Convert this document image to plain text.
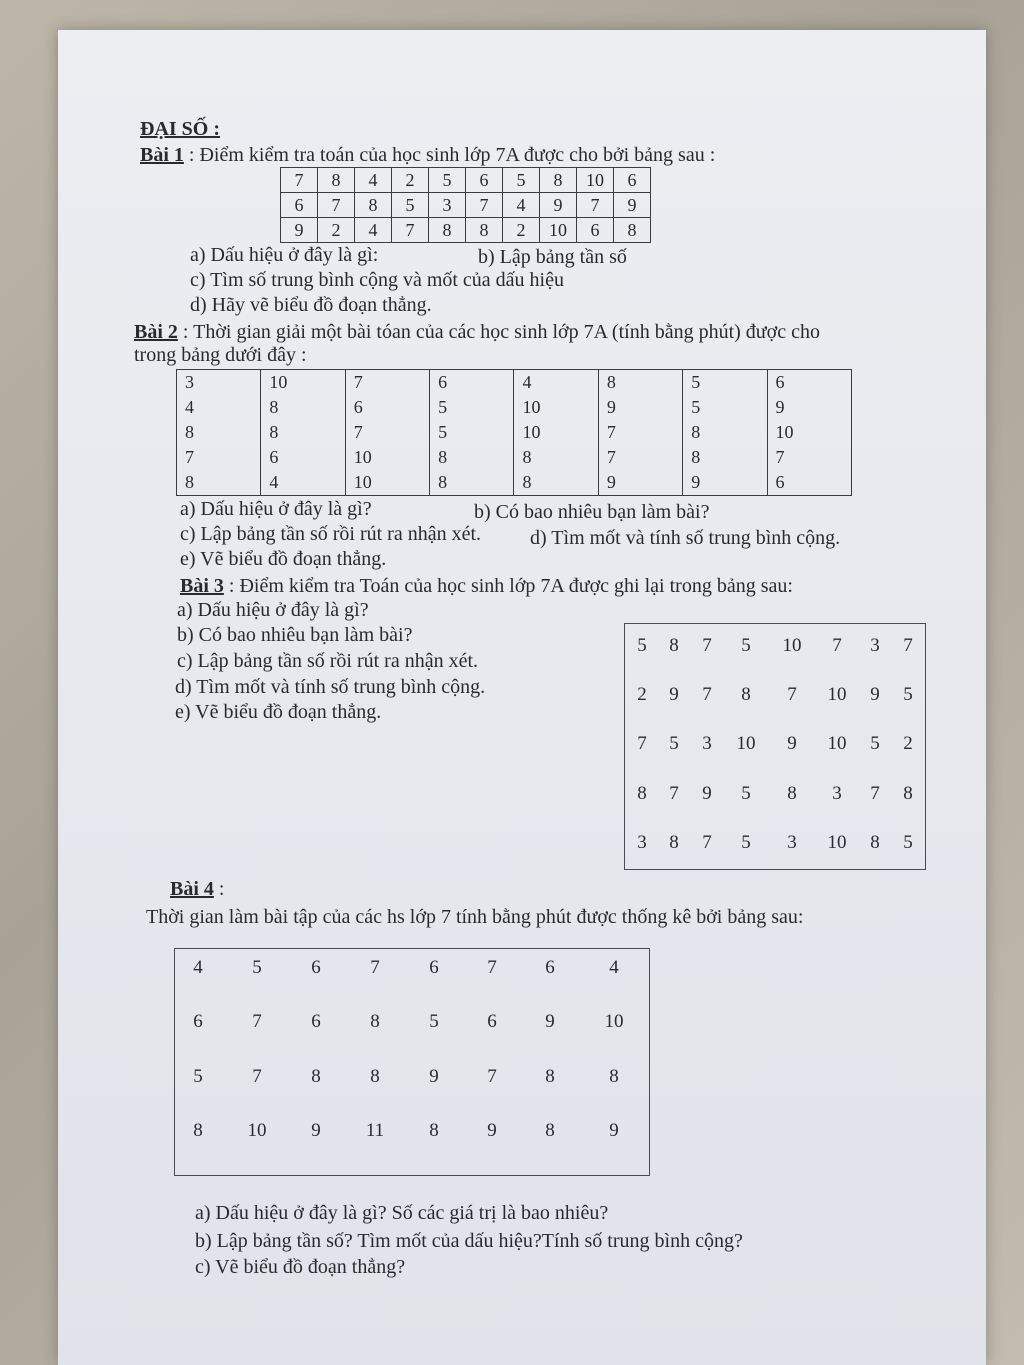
ĐẠI SỐ :
Bài 1 : Điểm kiểm tra toán của học sinh lớp 7A được cho bởi bảng sau :
7	8	4	2	5	6	5	8	10	6
6	7	8	5	3	7	4	9	7	9
9	2	4	7	8	8	2	10	6	8
a) Dấu hiệu ở đây là gì:	b) Lập bảng tần số
c) Tìm số trung bình cộng và mốt của dấu hiệu
d) Hãy vẽ biểu đồ đoạn thẳng.
Bài 2 : Thời gian giải một bài tóan của các học sinh lớp 7A (tính bằng phút) được cho
trong bảng dưới đây :
3	10	7	6	4	8	5	6
4	8	6	5	10	9	5	9
8	8	7	5	10	7	8	10
7	6	10	8	8	7	8	7
8	4	10	8	8	9	9	6
a) Dấu hiệu ở đây là gì?	b) Có bao nhiêu bạn làm bài?
c) Lập bảng tần số rồi rút ra nhận xét. d) Tìm mốt và tính số trung bình cộng.
e) Vẽ biểu đồ đoạn thẳng.
Bài 3 : Điểm kiểm tra Toán của học sinh lớp 7A được ghi lại trong bảng sau:
a) Dấu hiệu ở đây là gì?
b) Có bao nhiêu bạn làm bài?
c) Lập bảng tần số rồi rút ra nhận xét.
d) Tìm mốt và tính số trung bình cộng.
e) Vẽ biểu đồ đoạn thẳng.
5	8	7	5	10	7	3	7
2	9	7	8	7	10	9	5
7	5	3	10	9	10	5	2
8	7	9	5	8	3	7	8
3	8	7	5	3	10	8	5
Bài 4 :
Thời gian làm bài tập của các hs lớp 7 tính bằng phút được thống kê bởi bảng sau:
4	5	6	7	6	7	6	4
6	7	6	8	5	6	9	10
5	7	8	8	9	7	8	8
8	10	9	11	8	9	8	9
a) Dấu hiệu ở đây là gì? Số các giá trị là bao nhiêu?
b) Lập bảng tần số? Tìm mốt của dấu hiệu?Tính số trung bình cộng?
c) Vẽ biểu đồ đoạn thẳng?
